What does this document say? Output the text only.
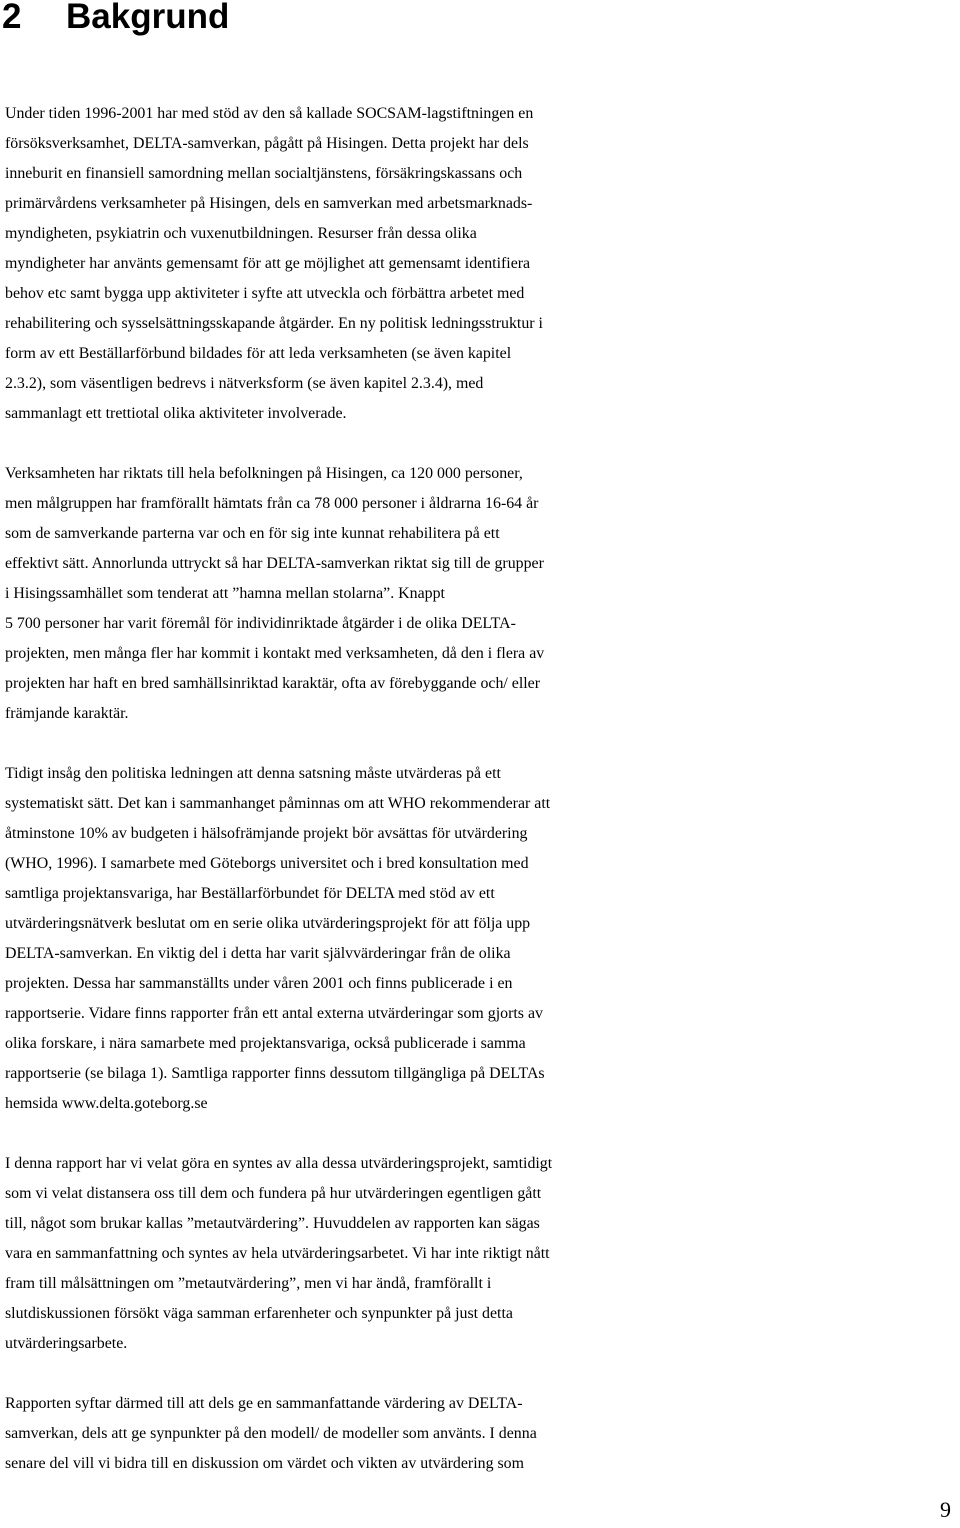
2 Bakgrund
Under tiden 1996-2001 har med stöd av den så kallade SOCSAM-lagstiftningen en
försöksverksamhet, DELTA-samverkan, pågått på Hisingen. Detta projekt har dels
inneburit en finansiell samordning mellan socialtjänstens, försäkringskassans och
primärvårdens verksamheter på Hisingen, dels en samverkan med arbetsmarknads-
myndigheten, psykiatrin och vuxenutbildningen. Resurser från dessa olika
myndigheter har använts gemensamt för att ge möjlighet att gemensamt identifiera
behov etc samt bygga upp aktiviteter i syfte att utveckla och förbättra arbetet med
rehabilitering och sysselsättningsskapande åtgärder. En ny politisk ledningsstruktur i
form av ett Beställarförbund bildades för att leda verksamheten (se även kapitel
2.3.2), som väsentligen bedrevs i nätverksform (se även kapitel 2.3.4), med
sammanlagt ett trettiotal olika aktiviteter involverade.
Verksamheten har riktats till hela befolkningen på Hisingen, ca 120 000 personer,
men målgruppen har framförallt hämtats från ca 78 000 personer i åldrarna 16-64 år
som de samverkande parterna var och en för sig inte kunnat rehabilitera på ett
effektivt sätt. Annorlunda uttryckt så har DELTA-samverkan riktat sig till de grupper
i Hisingssamhället som tenderat att ”hamna mellan stolarna”. Knappt
5 700 personer har varit föremål för individinriktade åtgärder i de olika DELTA-
projekten, men många fler har kommit i kontakt med verksamheten, då den i flera av
projekten har haft en bred samhällsinriktad karaktär, ofta av förebyggande och/ eller
främjande karaktär.
Tidigt insåg den politiska ledningen att denna satsning måste utvärderas på ett
systematiskt sätt. Det kan i sammanhanget påminnas om att WHO rekommenderar att
åtminstone 10% av budgeten i hälsofrämjande projekt bör avsättas för utvärdering
(WHO, 1996). I samarbete med Göteborgs universitet och i bred konsultation med
samtliga projektansvariga, har Beställarförbundet för DELTA med stöd av ett
utvärderingsnätverk beslutat om en serie olika utvärderingsprojekt för att följa upp
DELTA-samverkan. En viktig del i detta har varit självvärderingar från de olika
projekten. Dessa har sammanställts under våren 2001 och finns publicerade i en
rapportserie. Vidare finns rapporter från ett antal externa utvärderingar som gjorts av
olika forskare, i nära samarbete med projektansvariga, också publicerade i samma
rapportserie (se bilaga 1). Samtliga rapporter finns dessutom tillgängliga på DELTAs
hemsida www.delta.goteborg.se
I denna rapport har vi velat göra en syntes av alla dessa utvärderingsprojekt, samtidigt
som vi velat distansera oss till dem och fundera på hur utvärderingen egentligen gått
till, något som brukar kallas ”metautvärdering”. Huvuddelen av rapporten kan sägas
vara en sammanfattning och syntes av hela utvärderingsarbetet. Vi har inte riktigt nått
fram till målsättningen om ”metautvärdering”, men vi har ändå, framförallt i
slutdiskussionen försökt väga samman erfarenheter och synpunkter på just detta
utvärderingsarbete.
Rapporten syftar därmed till att dels ge en sammanfattande värdering av DELTA-
samverkan, dels att ge synpunkter på den modell/ de modeller som använts. I denna
senare del vill vi bidra till en diskussion om värdet och vikten av utvärdering som
9
